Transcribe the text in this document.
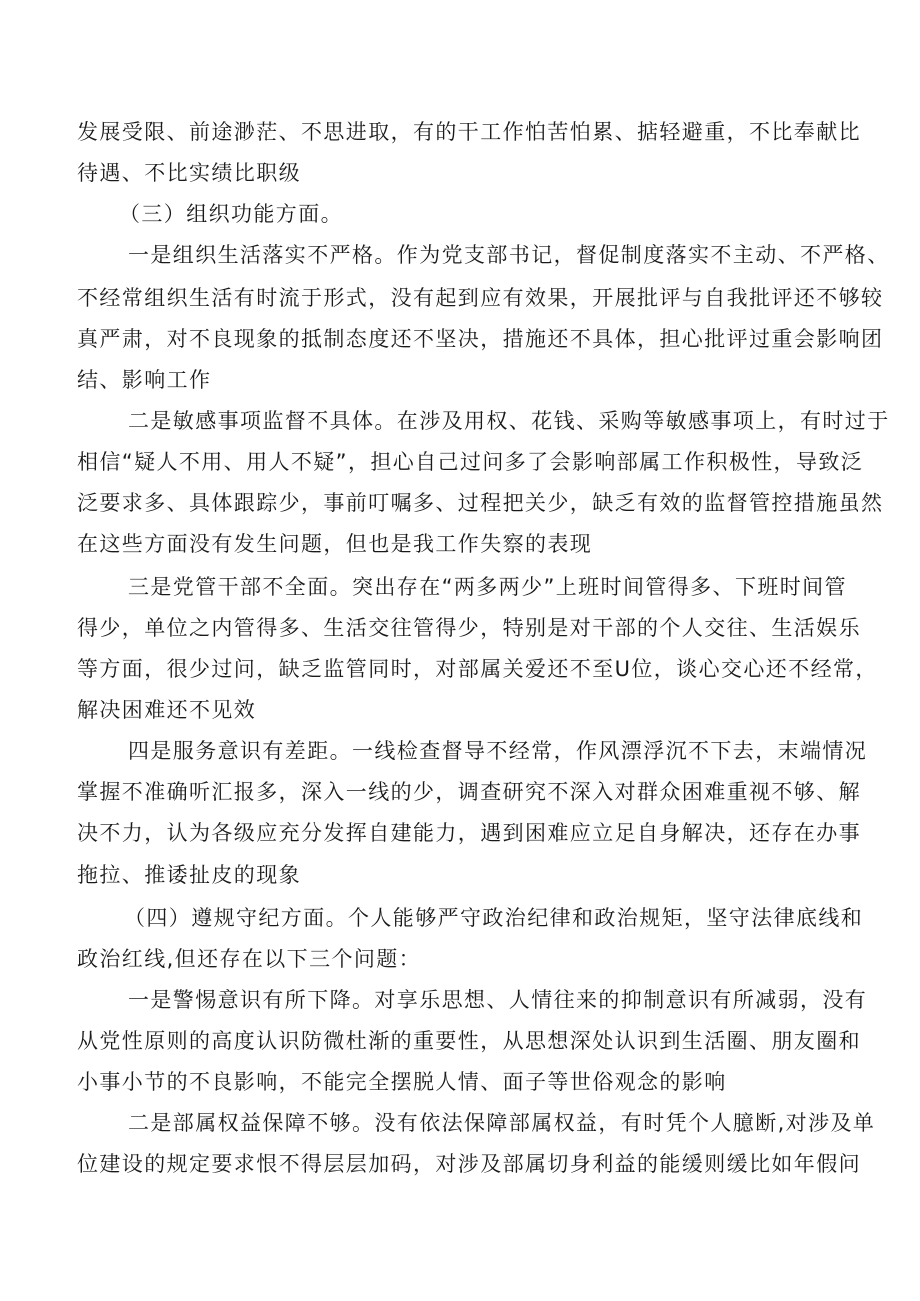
发展受限、前途渺茫、不思进取，有的干工作怕苦怕累、掂轻避重，不比奉献比

待遇、不比实绩比职级

（三）组织功能方面。

一是组织生活落实不严格。作为党支部书记，督促制度落实不主动、不严格、

不经常组织生活有时流于形式，没有起到应有效果，开展批评与自我批评还不够较

真严肃，对不良现象的抵制态度还不坚决，措施还不具体，担心批评过重会影响团

结、影响工作

二是敏感事项监督不具体。在涉及用权、花钱、采购等敏感事项上，有时过于

相信“疑人不用、用人不疑”，担心自己过问多了会影响部属工作积极性，导致泛

泛要求多、具体跟踪少，事前叮嘱多、过程把关少，缺乏有效的监督管控措施虽然

在这些方面没有发生问题，但也是我工作失察的表现

三是党管干部不全面。突出存在“两多两少”上班时间管得多、下班时间管

得少，单位之内管得多、生活交往管得少，特别是对干部的个人交往、生活娱乐

等方面，很少过问，缺乏监管同时，对部属关爱还不至U位，谈心交心还不经常，

解决困难还不见效

四是服务意识有差距。一线检查督导不经常，作风漂浮沉不下去，末端情况

掌握不准确听汇报多，深入一线的少，调查研究不深入对群众困难重视不够、解

决不力，认为各级应充分发挥自建能力，遇到困难应立足自身解决，还存在办事

拖拉、推诿扯皮的现象

（四）遵规守纪方面。个人能够严守政治纪律和政治规矩，坚守法律底线和

政治红线,但还存在以下三个问题：

一是警惕意识有所下降。对享乐思想、人情往来的抑制意识有所减弱，没有

从党性原则的高度认识防微杜渐的重要性，从思想深处认识到生活圈、朋友圈和

小事小节的不良影响，不能完全摆脱人情、面子等世俗观念的影响

二是部属权益保障不够。没有依法保障部属权益，有时凭个人臆断,对涉及单

位建设的规定要求恨不得层层加码，对涉及部属切身利益的能缓则缓比如年假问
